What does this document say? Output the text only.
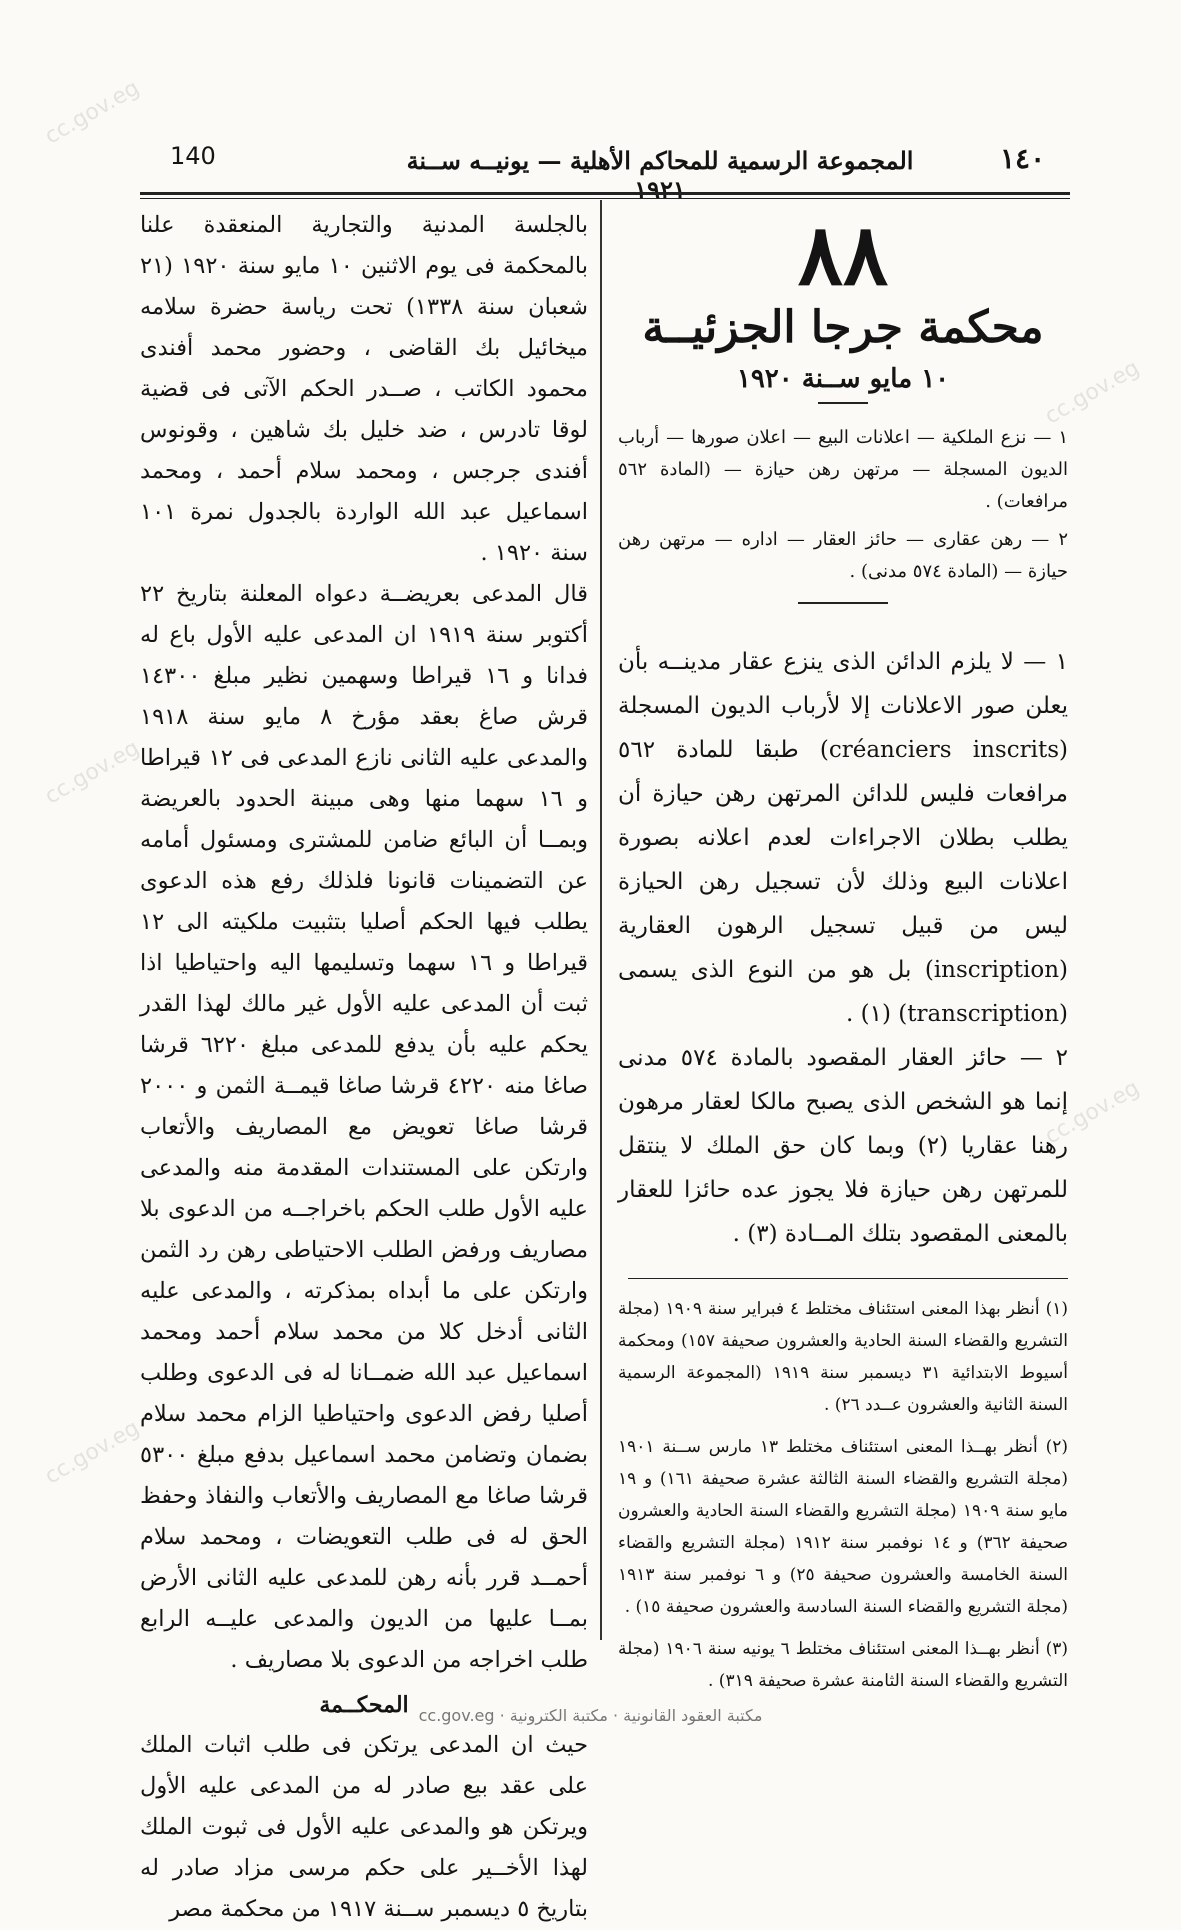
cc.gov.eg
cc.gov.eg
cc.gov.eg
cc.gov.eg
cc.gov.eg
١٤٠
المجموعة الرسمية للمحاكم الأهلية — يونيــه ســنة ١٩٢١
140
٨٨
محكمة جرجا الجزئيــة
١٠ مايو ســنة ١٩٢٠

١ — نزع الملكية — اعلانات البيع — اعلان صورها — أرباب الديون المسجلة — مرتهن رهن حيازة — (المادة ٥٦٢ مرافعات) .

٢ — رهن عقارى — حائز العقار — اداره — مرتهن رهن حيازة — (المادة ٥٧٤ مدنى) .

١ — لا يلزم الدائن الذى ينزع عقار مدينــه بأن يعلن صور الاعلانات إلا لأرباب الديون المسجلة (créanciers inscrits) طبقا للمادة ٥٦٢ مرافعات فليس للدائن المرتهن رهن حيازة أن يطلب بطلان الاجراءات لعدم اعلانه بصورة اعلانات البيع وذلك لأن تسجيل رهن الحيازة ليس من قبيل تسجيل الرهون العقارية (inscription) بل هو من النوع الذى يسمى (transcription) (١) .

٢ — حائز العقار المقصود بالمادة ٥٧٤ مدنى إنما هو الشخص الذى يصبح مالكا لعقار مرهون رهنا عقاريا (٢) وبما كان حق الملك لا ينتقل للمرتهن رهن حيازة فلا يجوز عده حائزا للعقار بالمعنى المقصود بتلك المــادة (٣) .

(١) أنظر بهذا المعنى استئناف مختلط ٤ فبراير سنة ١٩٠٩ (مجلة التشريع والقضاء السنة الحادية والعشرون صحيفة ١٥٧) ومحكمة أسيوط الابتدائية ٣١ ديسمبر سنة ١٩١٩ (المجموعة الرسمية السنة الثانية والعشرون عــدد ٢٦) .

(٢) أنظر بهــذا المعنى استئناف مختلط ١٣ مارس ســنة ١٩٠١ (مجلة التشريع والقضاء السنة الثالثة عشرة صحيفة ١٦١) و ١٩ مايو سنة ١٩٠٩ (مجلة التشريع والقضاء السنة الحادية والعشرون صحيفة ٣٦٢) و ١٤ نوفمبر سنة ١٩١٢ (مجلة التشريع والقضاء السنة الخامسة والعشرون صحيفة ٢٥) و ٦ نوفمبر سنة ١٩١٣ (مجلة التشريع والقضاء السنة السادسة والعشرون صحيفة ١٥) .

(٣) أنظر بهــذا المعنى استئناف مختلط ٦ يونيه سنة ١٩٠٦ (مجلة التشريع والقضاء السنة الثامنة عشرة صحيفة ٣١٩) .

بالجلسة المدنية والتجارية المنعقدة علنا بالمحكمة فى يوم الاثنين ١٠ مايو سنة ١٩٢٠ (٢١ شعبان سنة ١٣٣٨) تحت رياسة حضرة سلامه ميخائيل بك القاضى ، وحضور محمد أفندى محمود الكاتب ، صــدر الحكم الآتى فى قضية لوقا تادرس ، ضد خليل بك شاهين ، وقونوس أفندى جرجس ، ومحمد سلام أحمد ، ومحمد اسماعيل عبد الله الواردة بالجدول نمرة ١٠١ سنة ١٩٢٠ .

قال المدعى بعريضــة دعواه المعلنة بتاريخ ٢٢ أكتوبر سنة ١٩١٩ ان المدعى عليه الأول باع له فدانا و ١٦ قيراطا وسهمين نظير مبلغ ١٤٣٠٠ قرش صاغ بعقد مؤرخ ٨ مايو سنة ١٩١٨ والمدعى عليه الثانى نازع المدعى فى ١٢ قيراطا و ١٦ سهما منها وهى مبينة الحدود بالعريضة وبمــا أن البائع ضامن للمشترى ومسئول أمامه عن التضمينات قانونا فلذلك رفع هذه الدعوى يطلب فيها الحكم أصليا بتثبيت ملكيته الى ١٢ قيراطا و ١٦ سهما وتسليمها اليه واحتياطيا اذا ثبت أن المدعى عليه الأول غير مالك لهذا القدر يحكم عليه بأن يدفع للمدعى مبلغ ٦٢٢٠ قرشا صاغا منه ٤٢٢٠ قرشا صاغا قيمــة الثمن و ٢٠٠٠ قرشا صاغا تعويض مع المصاريف والأتعاب وارتكن على المستندات المقدمة منه والمدعى عليه الأول طلب الحكم باخراجــه من الدعوى بلا مصاريف ورفض الطلب الاحتياطى رهن رد الثمن وارتكن على ما أبداه بمذكرته ، والمدعى عليه الثانى أدخل كلا من محمد سلام أحمد ومحمد اسماعيل عبد الله ضمــانا له فى الدعوى وطلب أصليا رفض الدعوى واحتياطيا الزام محمد سلام بضمان وتضامن محمد اسماعيل بدفع مبلغ ٥٣٠٠ قرشا صاغا مع المصاريف والأتعاب والنفاذ وحفظ الحق له فى طلب التعويضات ، ومحمد سلام أحمــد قرر بأنه رهن للمدعى عليه الثانى الأرض بمــا عليها من الديون والمدعى عليــه الرابع طلب اخراجه من الدعوى بلا مصاريف .

المحكــمة

حيث ان المدعى يرتكن فى طلب اثبات الملك على عقد بيع صادر له من المدعى عليه الأول ويرتكن هو والمدعى عليه الأول فى ثبوت الملك لهذا الأخــير على حكم مرسى مزاد صادر له بتاريخ ٥ ديسمبر ســنة ١٩١٧ من محكمة مصر

cc.gov.eg · مكتبة العقود القانونية · مكتبة الكترونية
